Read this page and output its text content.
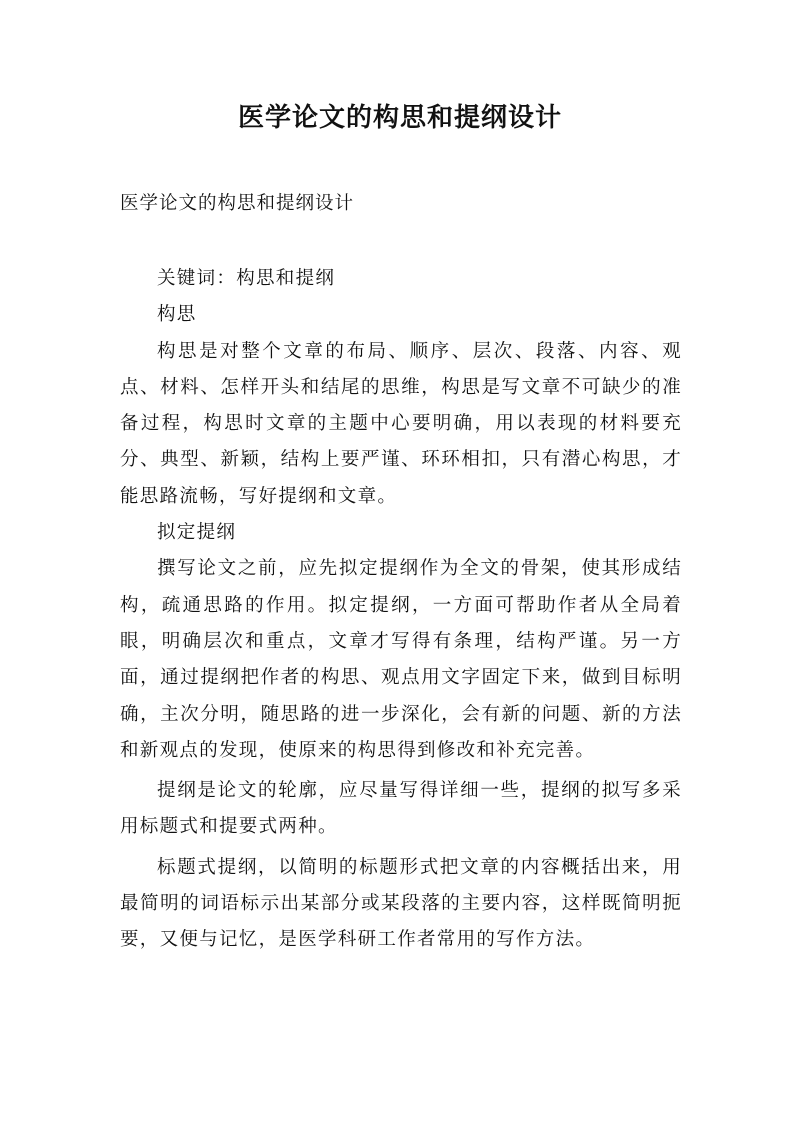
医学论文的构思和提纲设计
医学论文的构思和提纲设计

关键词：构思和提纲

构思

构思是对整个文章的布局、顺序、层次、段落、内容、观点、材料、怎样开头和结尾的思维，构思是写文章不可缺少的准备过程，构思时文章的主题中心要明确，用以表现的材料要充分、典型、新颖，结构上要严谨、环环相扣，只有潜心构思，才能思路流畅，写好提纲和文章。

拟定提纲

撰写论文之前，应先拟定提纲作为全文的骨架，使其形成结构，疏通思路的作用。拟定提纲，一方面可帮助作者从全局着眼，明确层次和重点，文章才写得有条理，结构严谨。另一方面，通过提纲把作者的构思、观点用文字固定下来，做到目标明确，主次分明，随思路的进一步深化，会有新的问题、新的方法和新观点的发现，使原来的构思得到修改和补充完善。

提纲是论文的轮廓，应尽量写得详细一些，提纲的拟写多采用标题式和提要式两种。

标题式提纲，以简明的标题形式把文章的内容概括出来，用最简明的词语标示出某部分或某段落的主要内容，这样既简明扼要，又便与记忆，是医学科研工作者常用的写作方法。
